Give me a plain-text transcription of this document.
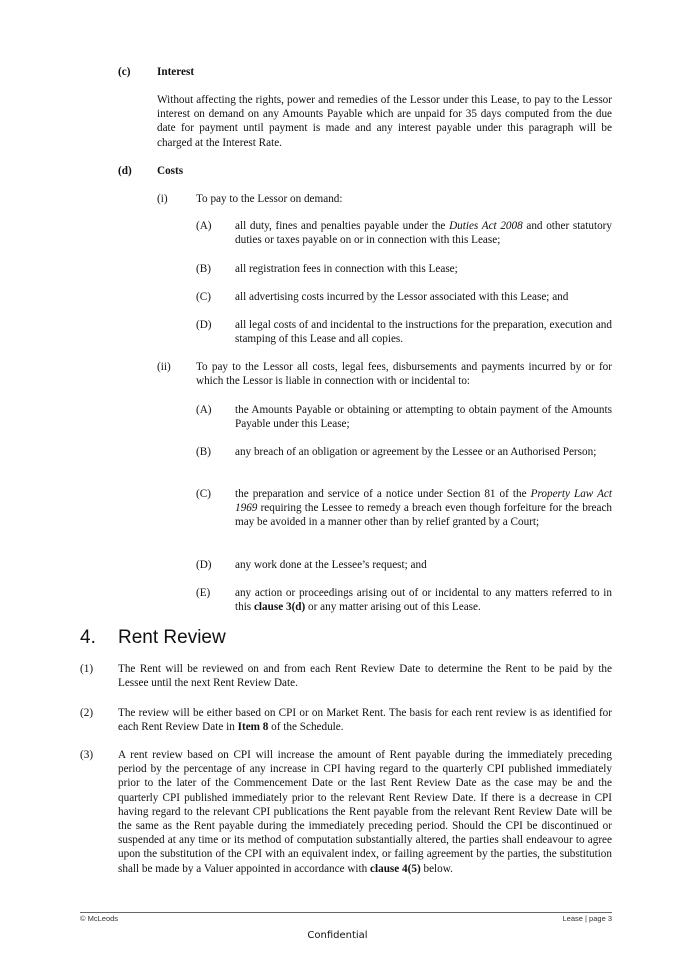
(c) Interest
Without affecting the rights, power and remedies of the Lessor under this Lease, to pay to the Lessor interest on demand on any Amounts Payable which are unpaid for 35 days computed from the due date for payment until payment is made and any interest payable under this paragraph will be charged at the Interest Rate.
(d) Costs
(i)	To pay to the Lessor on demand:
(A) all duty, fines and penalties payable under the Duties Act 2008 and other statutory duties or taxes payable on or in connection with this Lease;
(B) all registration fees in connection with this Lease;
(C) all advertising costs incurred by the Lessor associated with this Lease; and
(D) all legal costs of and incidental to the instructions for the preparation, execution and stamping of this Lease and all copies.
(ii) To pay to the Lessor all costs, legal fees, disbursements and payments incurred by or for which the Lessor is liable in connection with or incidental to:
(A) the Amounts Payable or obtaining or attempting to obtain payment of the Amounts Payable under this Lease;
(B) any breach of an obligation or agreement by the Lessee or an Authorised Person;
(C) the preparation and service of a notice under Section 81 of the Property Law Act 1969 requiring the Lessee to remedy a breach even though forfeiture for the breach may be avoided in a manner other than by relief granted by a Court;
(D) any work done at the Lessee’s request; and
(E) any action or proceedings arising out of or incidental to any matters referred to in this clause 3(d) or any matter arising out of this Lease.
4. Rent Review
(1) The Rent will be reviewed on and from each Rent Review Date to determine the Rent to be paid by the Lessee until the next Rent Review Date.
(2) The review will be either based on CPI or on Market Rent. The basis for each rent review is as identified for each Rent Review Date in Item 8 of the Schedule.
(3) A rent review based on CPI will increase the amount of Rent payable during the immediately preceding period by the percentage of any increase in CPI having regard to the quarterly CPI published immediately prior to the later of the Commencement Date or the last Rent Review Date as the case may be and the quarterly CPI published immediately prior to the relevant Rent Review Date. If there is a decrease in CPI having regard to the relevant CPI publications the Rent payable from the relevant Rent Review Date will be the same as the Rent payable during the immediately preceding period. Should the CPI be discontinued or suspended at any time or its method of computation substantially altered, the parties shall endeavour to agree upon the substitution of the CPI with an equivalent index, or failing agreement by the parties, the substitution shall be made by a Valuer appointed in accordance with clause 4(5) below.
© McLeods	Lease | page 3
Confidential
